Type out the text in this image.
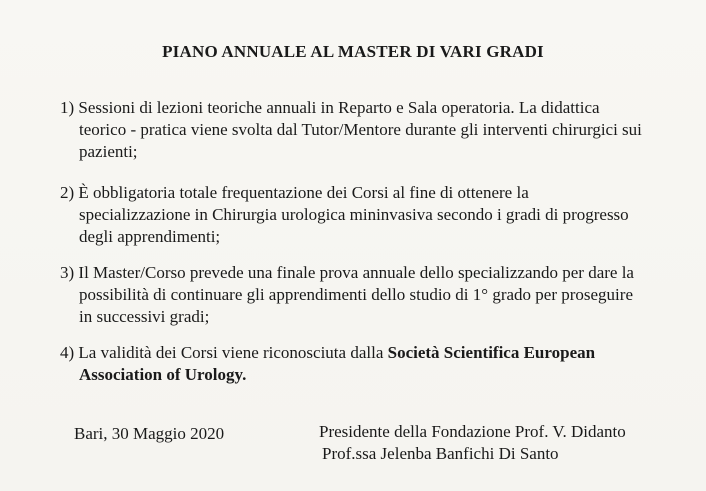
PIANO ANNUALE AL MASTER DI VARI GRADI
1) Sessioni di lezioni teoriche annuali in Reparto e Sala operatoria. La didattica
teorico - pratica viene svolta dal Tutor/Mentore durante gli interventi chirurgici sui
pazienti;
2) È obbligatoria totale frequentazione dei Corsi al fine di ottenere la
specializzazione in Chirurgia urologica mininvasiva secondo i gradi di progresso
degli apprendimenti;
3) Il Master/Corso prevede una finale prova annuale dello specializzando per dare la
possibilità di continuare gli apprendimenti dello studio di 1° grado per proseguire
in successivi gradi;
4) La validità dei Corsi viene riconosciuta dalla Società Scientifica European
Association of Urology.
Bari, 30 Maggio 2020	Presidente della Fondazione Prof. V. Didanto
Prof.ssa Jelenba Banfichi Di Santo
